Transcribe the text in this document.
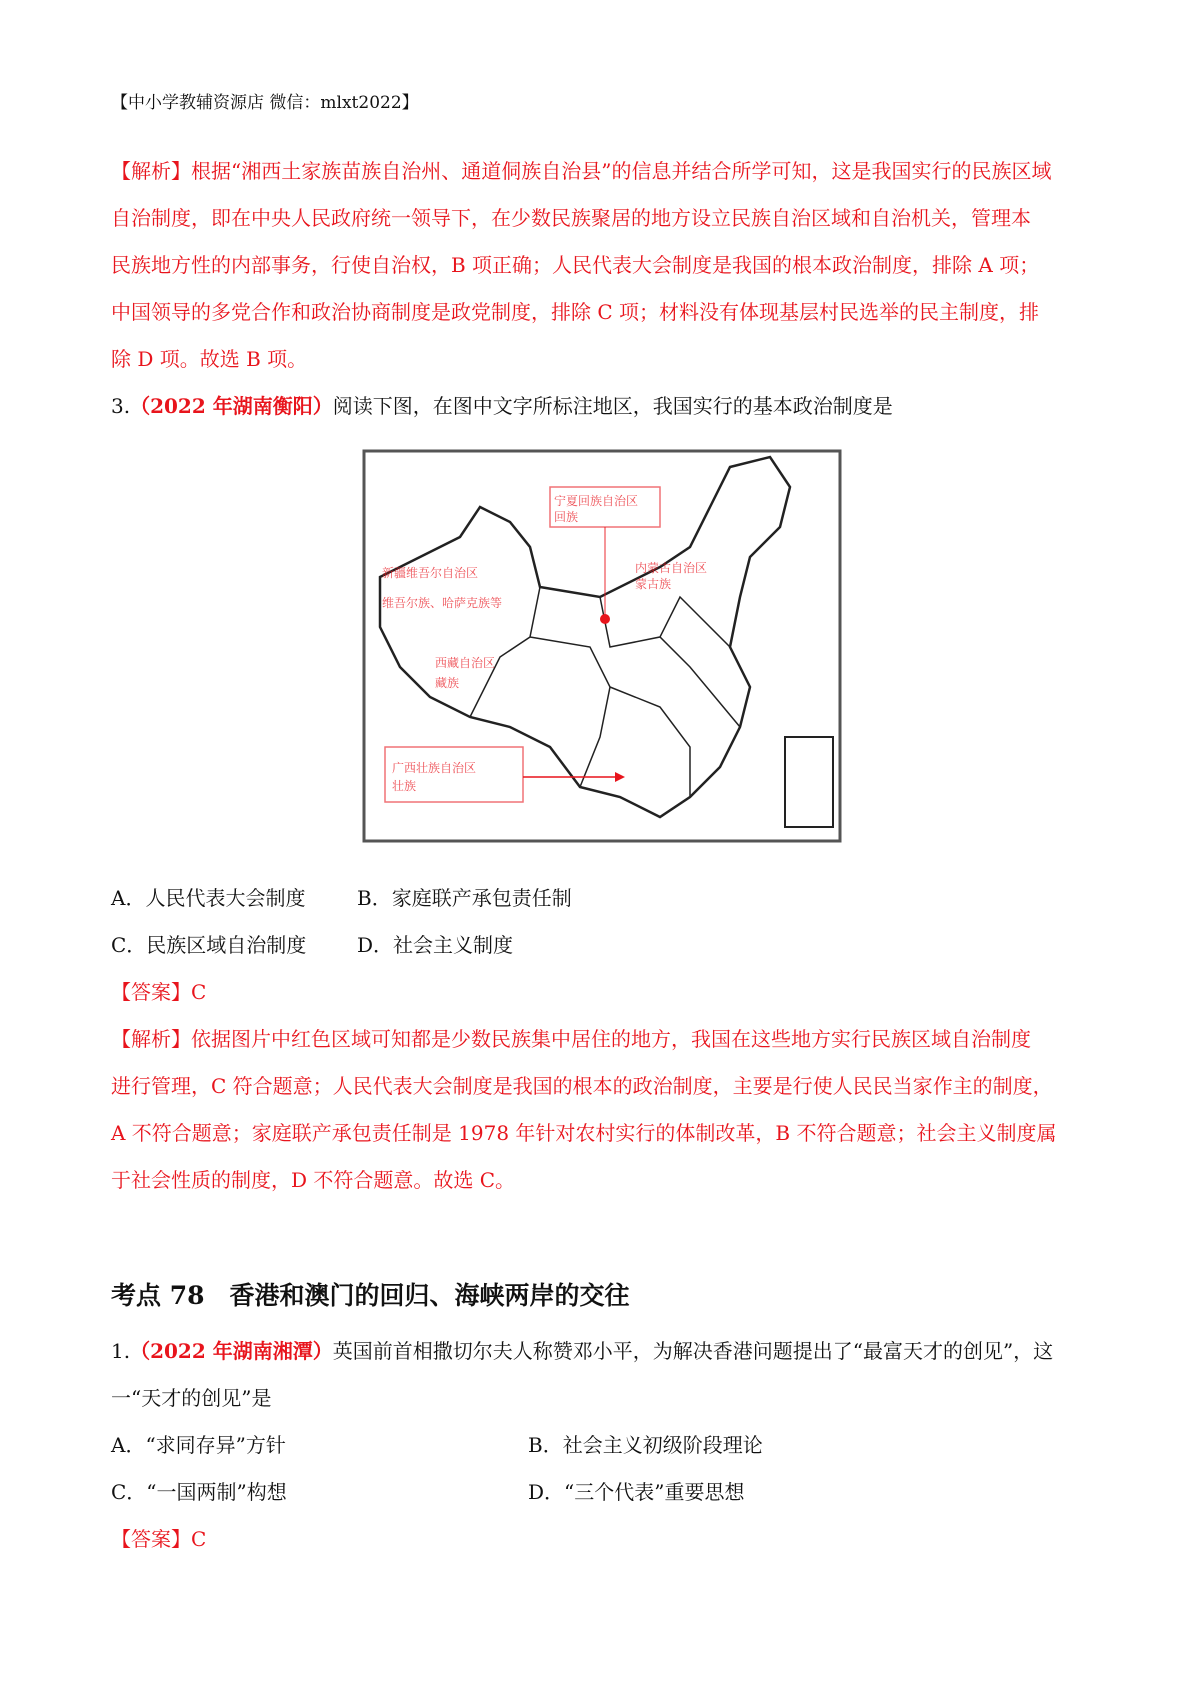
【中小学教辅资源店 微信：mlxt2022】
【解析】根据“湘西土家族苗族自治州、通道侗族自治县”的信息并结合所学可知，这是我国实行的民族区域
自治制度，即在中央人民政府统一领导下，在少数民族聚居的地方设立民族自治区域和自治机关，管理本
民族地方性的内部事务，行使自治权，B 项正确；人民代表大会制度是我国的根本政治制度，排除 A 项；
中国领导的多党合作和政治协商制度是政党制度，排除 C 项；材料没有体现基层村民选举的民主制度，排
除 D 项。故选 B 项。
3.（2022 年湖南衡阳）阅读下图，在图中文字所标注地区，我国实行的基本政治制度是
宁夏回族自治区
回族
新疆维吾尔自治区
维吾尔族、哈萨克族等
内蒙古自治区
蒙古族
西藏自治区
藏族
广西壮族自治区
壮族
A．人民代表大会制度	B．家庭联产承包责任制
C．民族区域自治制度	D．社会主义制度
【答案】C
【解析】依据图片中红色区域可知都是少数民族集中居住的地方，我国在这些地方实行民族区域自治制度
进行管理，C 符合题意；人民代表大会制度是我国的根本的政治制度，主要是行使人民民当家作主的制度，
A 不符合题意；家庭联产承包责任制是 1978 年针对农村实行的体制改革，B 不符合题意；社会主义制度属
于社会性质的制度，D 不符合题意。故选 C。
考点 78　香港和澳门的回归、海峡两岸的交往
1.（2022 年湖南湘潭）英国前首相撒切尔夫人称赞邓小平，为解决香港问题提出了“最富天才的创见”，这
一“天才的创见”是
A．“求同存异”方针	B．社会主义初级阶段理论
C．“一国两制”构想	D．“三个代表”重要思想
【答案】C
